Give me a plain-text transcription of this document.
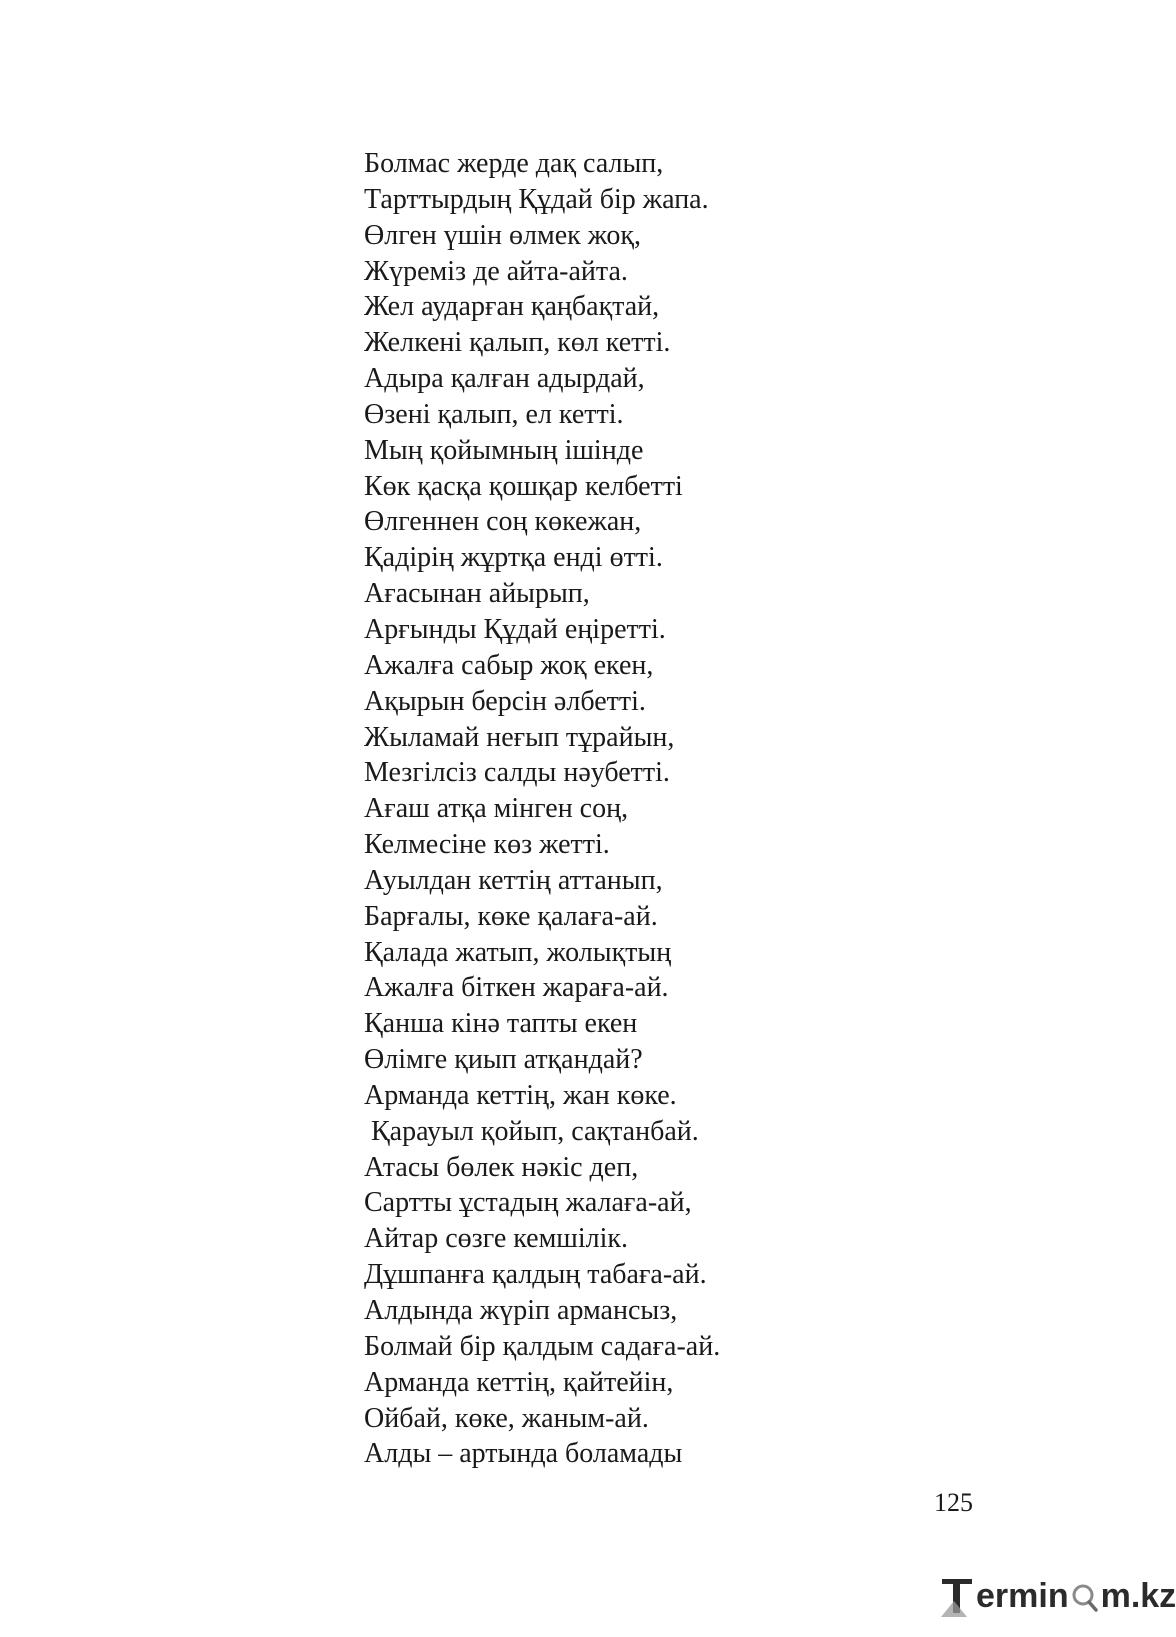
Болмас жерде дақ салып,
Тарттырдың Құдай бір жапа.
Өлген үшін өлмек жоқ,
Жүреміз де айта-айта.
Жел аударған қаңбақтай,
Желкені қалып, көл кетті.
Адыра қалған адырдай,
Өзені қалып, ел кетті.
Мың қойымның ішінде
Көк қасқа қошқар келбетті
Өлгеннен соң көкежан,
Қадірің жұртқа енді өтті.
Ағасынан айырып,
Арғынды Құдай еңіретті.
Ажалға сабыр жоқ екен,
Ақырын берсін әлбетті.
Жыламай неғып тұрайын,
Мезгілсіз салды нәубетті.
Ағаш атқа мінген соң,
Келмесіне көз жетті.
Ауылдан кеттің аттанып,
Барғалы, көке қалаға-ай.
Қалада жатып, жолықтың
Ажалға біткен жараға-ай.
Қанша кінә тапты екен
Өлімге қиып атқандай?
Арманда кеттің, жан көке.
Қарауыл қойып, сақтанбай.
Атасы бөлек нәкіс деп,
Сартты ұстадың жалаға-ай,
Айтар сөзге кемшілік.
Дұшпанға қалдың табаға-ай.
Алдында жүріп армансыз,
Болмай бір қалдым садаға-ай.
Арманда кеттің, қайтейін,
Ойбай, көке, жаным-ай.
Алды – артында боламады
125
ermin m.kz
